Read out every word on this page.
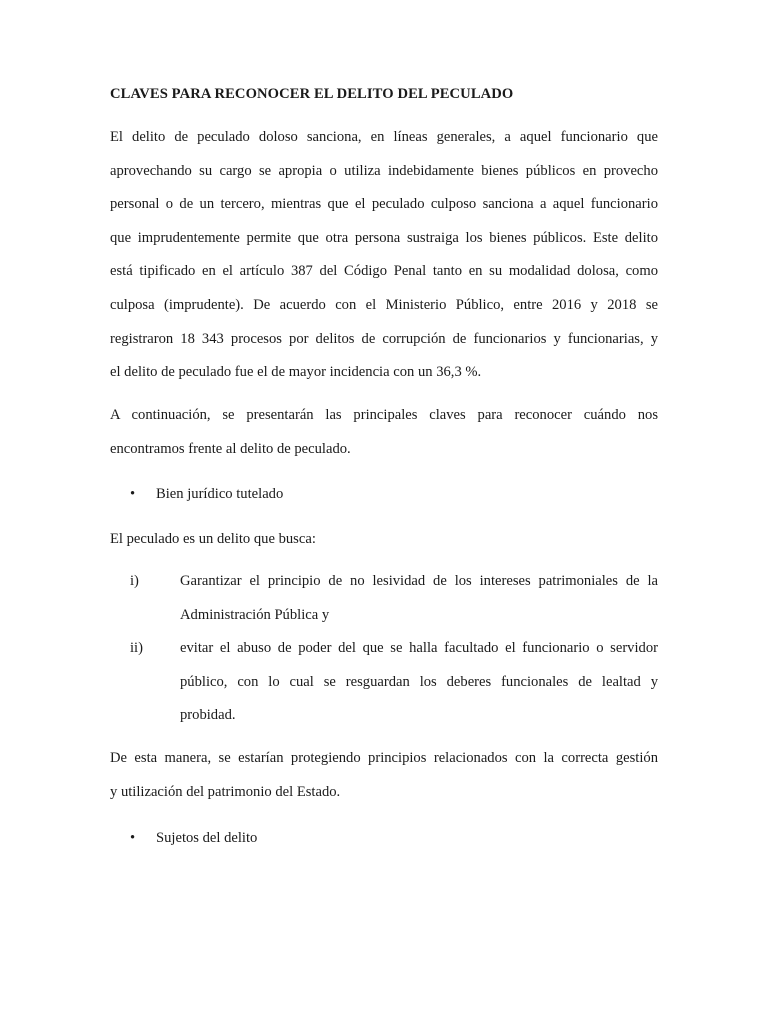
CLAVES PARA RECONOCER EL DELITO DEL PECULADO

El delito de peculado doloso sanciona, en líneas generales, a aquel funcionario que
aprovechando su cargo se apropia o utiliza indebidamente bienes públicos en provecho
personal o de un tercero, mientras que el peculado culposo sanciona a aquel funcionario
que imprudentemente permite que otra persona sustraiga los bienes públicos. Este delito
está tipificado en el artículo 387 del Código Penal tanto en su modalidad dolosa, como
culposa (imprudente). De acuerdo con el Ministerio Público, entre 2016 y 2018 se
registraron 18 343 procesos por delitos de corrupción de funcionarios y funcionarias, y
el delito de peculado fue el de mayor incidencia con un 36,3 %.

A continuación, se presentarán las principales claves para reconocer cuándo nos
encontramos frente al delito de peculado.

• Bien jurídico tutelado

El peculado es un delito que busca:

i)	Garantizar el principio de no lesividad de los intereses patrimoniales de la
Administración Pública y
ii)	evitar el abuso de poder del que se halla facultado el funcionario o servidor
público, con lo cual se resguardan los deberes funcionales de lealtad y
probidad.

De esta manera, se estarían protegiendo principios relacionados con la correcta gestión
y utilización del patrimonio del Estado.

• Sujetos del delito
